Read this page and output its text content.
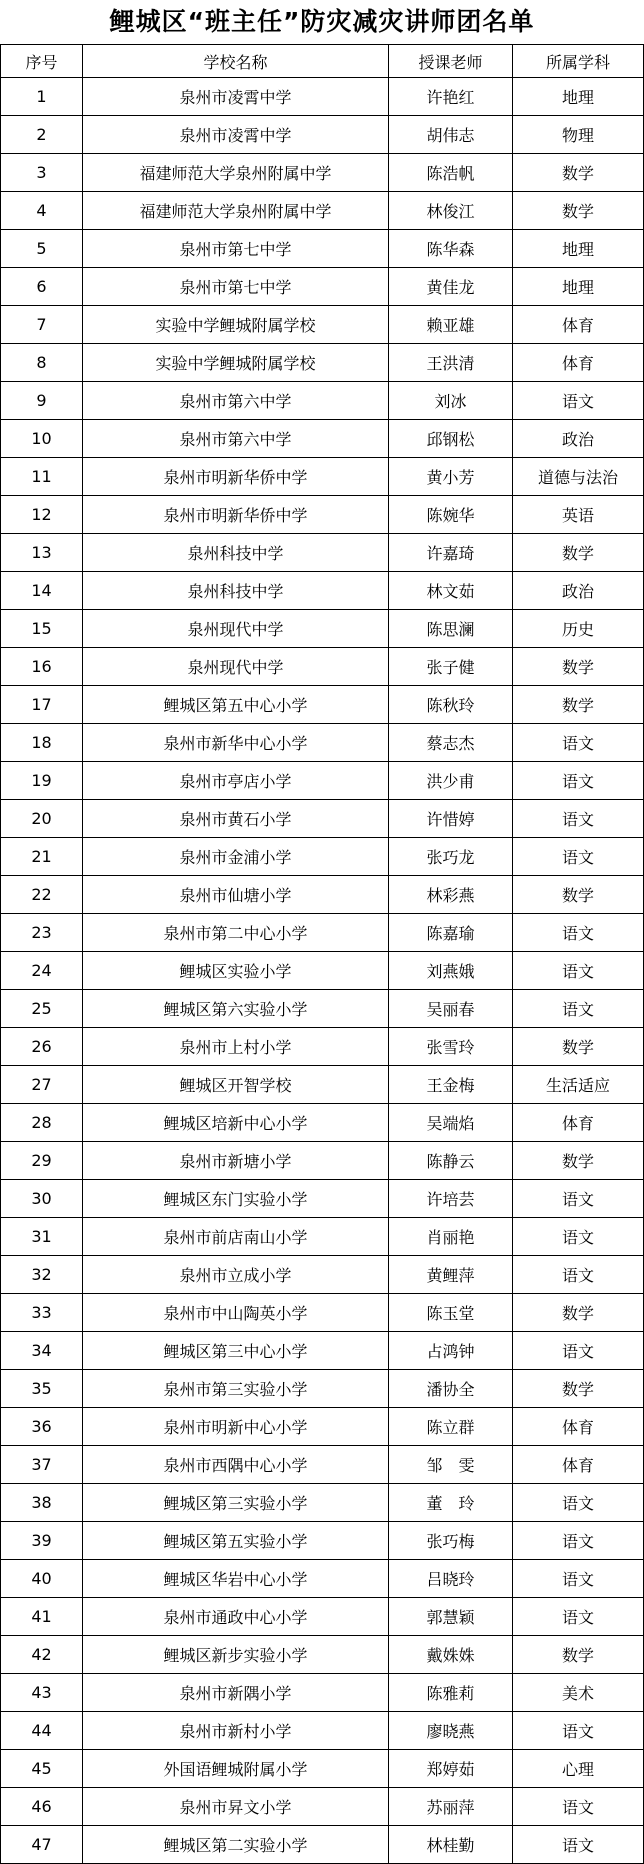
鲤城区“班主任”防灾减灾讲师团名单
序号	学校名称	授课老师	所属学科
1	泉州市凌霄中学	许艳红	地理
2	泉州市凌霄中学	胡伟志	物理
3	福建师范大学泉州附属中学	陈浩帆	数学
4	福建师范大学泉州附属中学	林俊江	数学
5	泉州市第七中学	陈华森	地理
6	泉州市第七中学	黄佳龙	地理
7	实验中学鲤城附属学校	赖亚雄	体育
8	实验中学鲤城附属学校	王洪清	体育
9	泉州市第六中学	刘冰	语文
10	泉州市第六中学	邱钢松	政治
11	泉州市明新华侨中学	黄小芳	道德与法治
12	泉州市明新华侨中学	陈婉华	英语
13	泉州科技中学	许嘉琦	数学
14	泉州科技中学	林文茹	政治
15	泉州现代中学	陈思澜	历史
16	泉州现代中学	张子健	数学
17	鲤城区第五中心小学	陈秋玲	数学
18	泉州市新华中心小学	蔡志杰	语文
19	泉州市亭店小学	洪少甫	语文
20	泉州市黄石小学	许惜婷	语文
21	泉州市金浦小学	张巧龙	语文
22	泉州市仙塘小学	林彩燕	数学
23	泉州市第二中心小学	陈嘉瑜	语文
24	鲤城区实验小学	刘燕娥	语文
25	鲤城区第六实验小学	吴丽春	语文
26	泉州市上村小学	张雪玲	数学
27	鲤城区开智学校	王金梅	生活适应
28	鲤城区培新中心小学	吴端焰	体育
29	泉州市新塘小学	陈静云	数学
30	鲤城区东门实验小学	许培芸	语文
31	泉州市前店南山小学	肖丽艳	语文
32	泉州市立成小学	黄鲤萍	语文
33	泉州市中山陶英小学	陈玉堂	数学
34	鲤城区第三中心小学	占鸿钟	语文
35	泉州市第三实验小学	潘协全	数学
36	泉州市明新中心小学	陈立群	体育
37	泉州市西隅中心小学	邹　雯	体育
38	鲤城区第三实验小学	董　玲	语文
39	鲤城区第五实验小学	张巧梅	语文
40	鲤城区华岩中心小学	吕晓玲	语文
41	泉州市通政中心小学	郭慧颖	语文
42	鲤城区新步实验小学	戴姝姝	数学
43	泉州市新隅小学	陈雅莉	美术
44	泉州市新村小学	廖晓燕	语文
45	外国语鲤城附属小学	郑婷茹	心理
46	泉州市昇文小学	苏丽萍	语文
47	鲤城区第二实验小学	林桂勤	语文
